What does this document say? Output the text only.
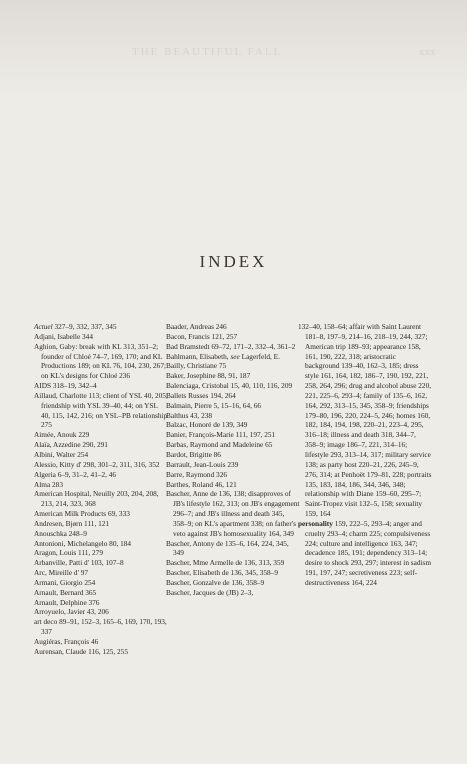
THE BEAUTIFUL FALL	xxx
INDEX
Actuel 327–9, 332, 337, 345
Adjani, Isabelle 344
Aghion, Gaby: break with KL 313, 351–2; founder of Chloé 74–7, 169, 170; and KL Productions 189; on KL 76, 104, 230, 267; on KL's designs for Chloé 236
AIDS 318–19, 342–4
Aillaud, Charlotte 113; client of YSL 40, 205; friendship with YSL 39–40, 44; on YSL 40, 115, 142, 216; on YSL–PB relationship 275
Aimée, Anouk 229
Alaïa, Azzedine 290, 291
Albini, Walter 254
Alessio, Kitty d' 298, 301–2, 311, 316, 352
Algeria 6–9, 31–2, 41–2, 46
Alma 283
American Hospital, Neuilly 203, 204, 208, 213, 214, 323, 368
American Milk Products 69, 333
Andresen, Bjørn 111, 121
Anouschka 248–9
Antonioni, Michelangelo 80, 184
Aragon, Louis 111, 279
Arbanville, Patti d' 103, 107–8
Arc, Mireille d' 97
Armani, Giorgio 254
Arnault, Bernard 365
Arnault, Delphine 376
Arroyuelo, Javier 43, 206
art deco 89–91, 152–3, 165–6, 169, 170, 193, 337
Augiéras, François 46
Aurensan, Claude 116, 125, 255
Baader, Andreas 246
Bacon, Francis 121, 257
Bad Bramstedt 69–72, 171–2, 332–4, 361–2
Bahlmann, Elisabeth, see Lagerfeld, E.
Bailly, Christiane 75
Baker, Josephine 88, 91, 187
Balenciaga, Cristobal 15, 40, 110, 116, 209
Ballets Russes 194, 264
Balmain, Pierre 5, 15–16, 64, 66
Balthus 43, 238
Balzac, Honoré de 139, 349
Banier, François-Marie 111, 197, 251
Barbas, Raymond and Madeleine 65
Bardot, Brigitte 86
Barrault, Jean-Louis 239
Barre, Raymond 326
Barthes, Roland 46, 121
Bascher, Anne de 136, 138; disapproves of JB's lifestyle 162, 313; on JB's engagement 296–7; and JB's illness and death 345, 358–9; on KL's apartment 338; on father's veto against JB's homosexuality 164, 349
Bascher, Antony de 135–6, 164, 224, 345, 349
Bascher, Mme Armelle de 136, 313, 359
Bascher, Elisabeth de 136, 345, 358–9
Bascher, Gonzalve de 136, 358–9
Bascher, Jacques de (JB) 2–3,
132–40, 158–64; affair with Saint Laurent 181–8, 197–9, 214–16, 218–19, 244, 327; American trip 189–93; appearance 158, 161, 190, 222, 318; aristocratic background 139–40, 162–3, 185; dress style 161, 164, 182, 186–7, 190, 192, 221, 258, 264, 296; drug and alcohol abuse 220, 221, 225–6, 293–4; family of 135–6, 162, 164, 292, 313–15, 345, 358–9; friendships 179–80, 196, 220, 224–5, 246; homes 160, 182, 184, 194, 198, 220–21, 223–4, 295, 316–18; illness and death 318, 344–7, 358–9; image 186–7, 221, 314–16; lifestyle 293, 313–14, 317; military service 138; as party host 220–21, 226, 245–9, 276, 314; at Penhoët 179–81, 228; portraits 135, 183, 184, 186, 344, 346, 348; relationship with Diane 159–60, 295–7; Saint-Tropez visit 132–5, 158; sexuality 159, 164
personality 159, 222–5, 293–4; anger and cruelty 293–4; charm 225; compulsiveness 224; culture and intelligence 163, 347; decadence 185, 191; dependency 313–14; desire to shock 293, 297; interest in sadism 191, 197, 247; secretiveness 223; self-destructiveness 164, 224
